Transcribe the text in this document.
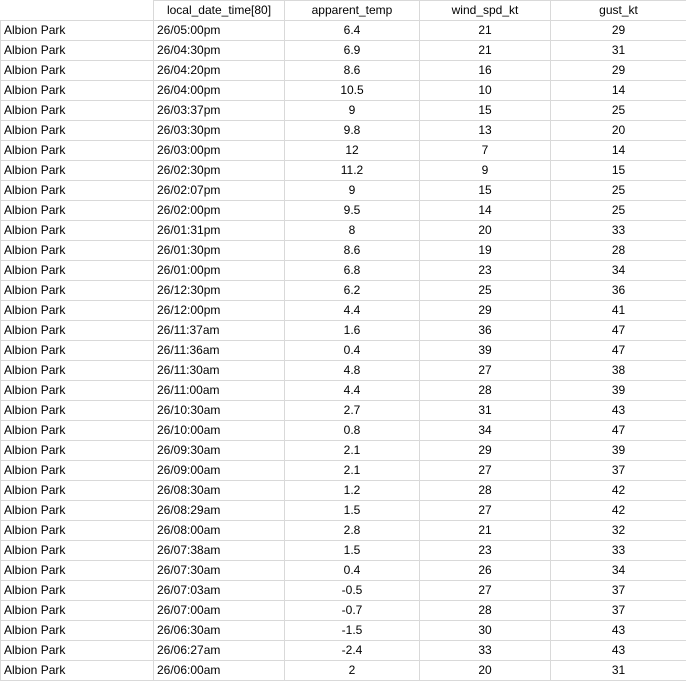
	local_date_time[80]	apparent_temp	wind_spd_kt	gust_kt
Albion Park	26/05:00pm	6.4	21	29
Albion Park	26/04:30pm	6.9	21	31
Albion Park	26/04:20pm	8.6	16	29
Albion Park	26/04:00pm	10.5	10	14
Albion Park	26/03:37pm	9	15	25
Albion Park	26/03:30pm	9.8	13	20
Albion Park	26/03:00pm	12	7	14
Albion Park	26/02:30pm	11.2	9	15
Albion Park	26/02:07pm	9	15	25
Albion Park	26/02:00pm	9.5	14	25
Albion Park	26/01:31pm	8	20	33
Albion Park	26/01:30pm	8.6	19	28
Albion Park	26/01:00pm	6.8	23	34
Albion Park	26/12:30pm	6.2	25	36
Albion Park	26/12:00pm	4.4	29	41
Albion Park	26/11:37am	1.6	36	47
Albion Park	26/11:36am	0.4	39	47
Albion Park	26/11:30am	4.8	27	38
Albion Park	26/11:00am	4.4	28	39
Albion Park	26/10:30am	2.7	31	43
Albion Park	26/10:00am	0.8	34	47
Albion Park	26/09:30am	2.1	29	39
Albion Park	26/09:00am	2.1	27	37
Albion Park	26/08:30am	1.2	28	42
Albion Park	26/08:29am	1.5	27	42
Albion Park	26/08:00am	2.8	21	32
Albion Park	26/07:38am	1.5	23	33
Albion Park	26/07:30am	0.4	26	34
Albion Park	26/07:03am	-0.5	27	37
Albion Park	26/07:00am	-0.7	28	37
Albion Park	26/06:30am	-1.5	30	43
Albion Park	26/06:27am	-2.4	33	43
Albion Park	26/06:00am	2	20	31
